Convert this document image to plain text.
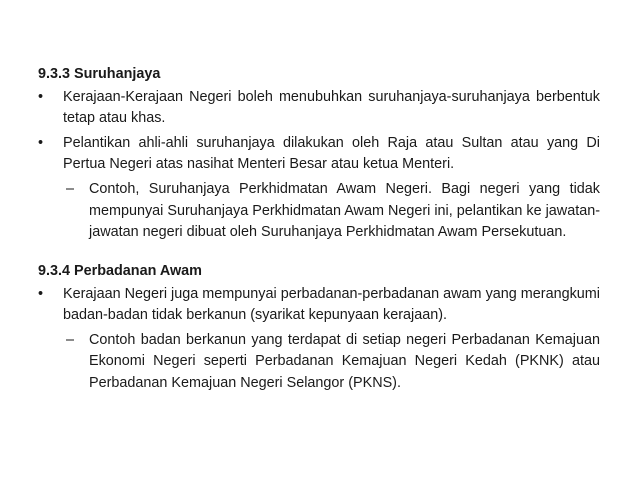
9.3.3 Suruhanjaya
• Kerajaan-Kerajaan Negeri boleh menubuhkan suruhanjaya-suruhanjaya berbentuk tetap atau khas.
• Pelantikan ahli-ahli suruhanjaya dilakukan oleh Raja atau Sultan atau yang Di Pertua Negeri atas nasihat Menteri Besar atau ketua Menteri.
– Contoh, Suruhanjaya Perkhidmatan Awam Negeri. Bagi negeri yang tidak mempunyai Suruhanjaya Perkhidmatan Awam Negeri ini, pelantikan ke jawatan-jawatan negeri dibuat oleh Suruhanjaya Perkhidmatan Awam Persekutuan.
9.3.4 Perbadanan Awam
• Kerajaan Negeri juga mempunyai perbadanan-perbadanan awam yang merangkumi badan-badan tidak berkanun (syarikat kepunyaan kerajaan).
– Contoh badan berkanun yang terdapat di setiap negeri Perbadanan Kemajuan Ekonomi Negeri seperti Perbadanan Kemajuan Negeri Kedah (PKNK) atau Perbadanan Kemajuan Negeri Selangor (PKNS).
